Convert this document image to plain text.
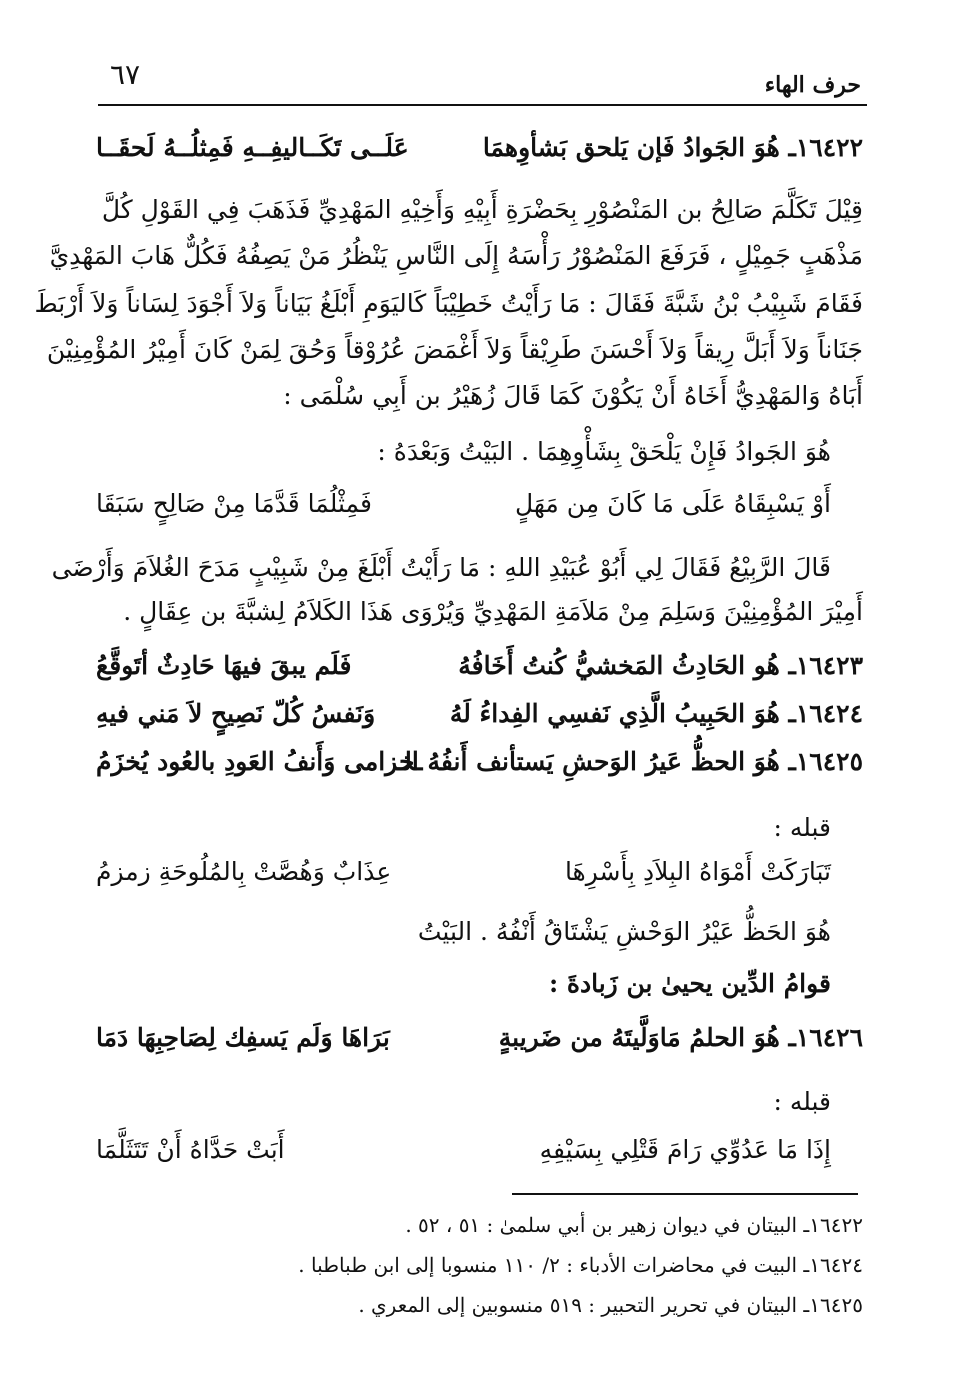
٦٧	حرف الهاء
١٦٤٢٢ـ هُوَ الجَوادُ فَإن يَلحق بَشأوِهمَا
عَلَــى تَكَــاليفِــهِ فَمِثلُــهُ لَحقَــا
قِيْلَ تَكَلَّمَ صَالِحُ بن المَنْصُوْرِ بِحَضْرَةِ أَبِيْهِ وَأَخِيْهِ المَهْدِيِّ فَذَهَبَ فِي القَوْلِ كُلَّ
مَذْهَبٍ جَمِيْلٍ ، فَرَفَعَ المَنْصُوْرُ رَأْسَهُ إِلَى النَّاسِ يَنْظُرُ مَنْ يَصِفُهُ فَكُلٌّ هَابَ المَهْدِيَّ
فَقَامَ شَبِيْبُ بْنُ شَبَّةَ فَقَالَ : مَا رَأَيْتُ خَطِيْبَاً كَاليَوَمِ أَبْلَغُ بَيَاناً وَلاَ أَجْوَدَ لِسَاناً وَلاَ أَرْبَطَ
جَنَاناً وَلاَ أَبَلَّ رِيقاً وَلاَ أَحْسَنَ طَرِيْقاً وَلاَ أَغْمَضَ عُرُوْقاً وَحُقَ لِمَنْ كَانَ أَمِيْرُ المُؤْمِنِيْنَ
أَبَاهُ وَالمَهْدِيُّ أَخَاهُ أَنْ يَكُوْنَ كَمَا قَالَ زُهَيْرُ بن أَبِي سُلْمَى :
هُوَ الجَوادُ فَإِنْ يَلْحَقْ بِشَأْوِهِمَا . البَيْتُ وَبَعْدَهُ :
أَوْ يَسْبِقَاهُ عَلَى مَا كَانَ مِن مَهَلٍ
فَمِثْلُمَا قَدَّمَا مِنْ صَالِحٍ سَبَقَا
قَالَ الرَّبِيْعُ فَقَالَ لِي أَبُوْ عُبَيْدِ اللهِ : مَا رَأَيْتُ أَبْلَغَ مِنْ شَبِيْبٍ مَدَحَ الغُلاَمَ وَأَرْضَى
أَمِيْرَ المُؤْمِنِيْنَ وَسَلِمَ مِنْ مَلاَمَةِ المَهْدِيِّ وَيُرْوَى هَذَا الكَلاَمُ لِشبَّةَ بن عِقَالٍ .
١٦٤٢٣ـ هُو الحَادِثُ المَخشيُّ كُنتُ أَخَافُهُ
فَلَم يبقَ فيهَا حَادِثٌ أتَوقَّعُ
١٦٤٢٤ـ هُوَ الحَبِيبُ الَّذِي نَفسِي الفِداءُ لَهُ
وَنَفسُ كُلّ نَصِيحٍ لاَ مَني فيهِ
١٦٤٢٥ـ هُوَ الحظُّ عَيرُ الوَحشِ يَستأنف أَنفُهُ الـ
ـخزامى وَأَنفُ العَودِ بالعُود يُخزَمُ
قبله :
تَبَارَكَتْ أَمْوَاهُ البِلاَدِ بِأَسْرِهَا
عِذَابٌ وَهُصَّتْ بِالمُلُوحَةِ زمزمُ
هُوَ الحَظُّ عَيْرُ الوَحْشِ يَشْتَاقُ أَنْفُهُ . البَيْتُ
قوامُ الدِّين يحيىٰ بن زَبادةَ :
١٦٤٢٦ـ هُوَ الحلمُ مَاوَلَّيتَهُ من ضَريبةٍ
بَرَاهَا وَلَم يَسفِك لِصَاحِبِهَا دَمَا
قبله :
إِذَا مَا عَدُوِّي رَامَ قَتْلِي بِسَيْفِهِ
أَبَتْ حَدَّاهُ أَنْ تَتَثَلَّمَا
١٦٤٢٢ـ البيتان في ديوان زهير بن أبي سلمىٰ : ٥١ ، ٥٢ .
١٦٤٢٤ـ البيت في محاضرات الأدباء : ٢/ ١١٠ منسوبا إلى ابن طباطبا .
١٦٤٢٥ـ البيتان في تحرير التحبير : ٥١٩ منسوبين إلى المعري .
